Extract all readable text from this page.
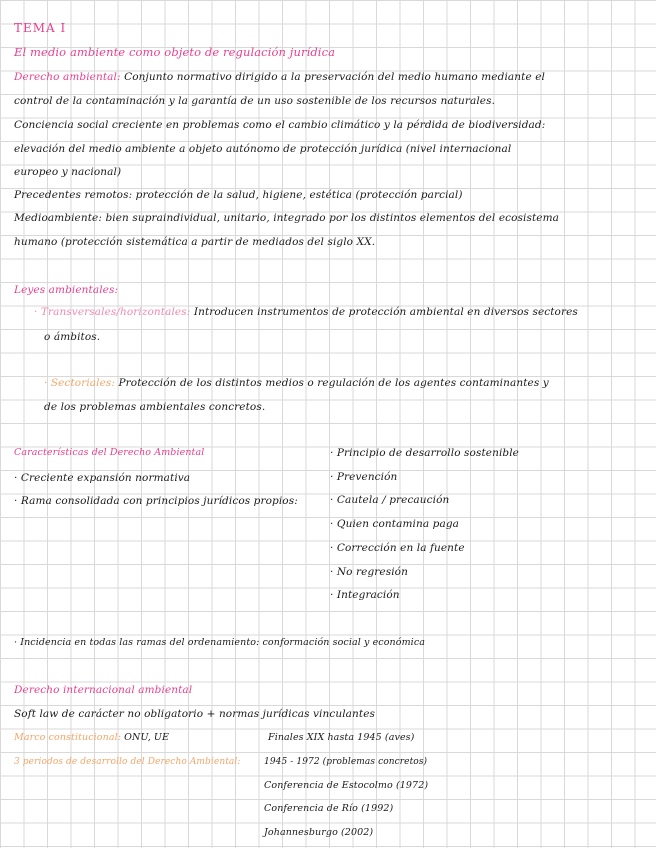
TEMA I
El medio ambiente como objeto de regulación jurídica
Derecho ambiental: Conjunto normativo dirigido a la preservación del medio humano mediante el
control de la contaminación y la garantía de un uso sostenible de los recursos naturales.
Conciencia social creciente en problemas como el cambio climático y la pérdida de biodiversidad:
elevación del medio ambiente a objeto autónomo de protección jurídica (nivel internacional
europeo y nacional)
Precedentes remotos: protección de la salud, higiene, estética (protección parcial)
Medioambiente: bien supraindividual, unitario, integrado por los distintos elementos del ecosistema
humano (protección sistemática a partir de mediados del siglo XX.
Leyes ambientales:
· Transversales/horizontales: Introducen instrumentos de protección ambiental en diversos sectores
o ámbitos.
· Sectoriales: Protección de los distintos medios o regulación de los agentes contaminantes y
de los problemas ambientales concretos.
Características del Derecho Ambiental
· Creciente expansión normativa
· Rama consolidada con principios jurídicos propios:
· Principio de desarrollo sostenible
· Prevención
· Cautela / precaución
· Quien contamina paga
· Corrección en la fuente
· No regresión
· Integración
· Incidencia en todas las ramas del ordenamiento: conformación social y económica
Derecho internacional ambiental
Soft law de carácter no obligatorio + normas jurídicas vinculantes
Marco constitucional: ONU, UE	Finales XIX hasta 1945 (aves)
3 periodos de desarrollo del Derecho Ambiental:	1945 - 1972 (problemas concretos)
Conferencia de Estocolmo (1972)
Conferencia de Río (1992)
Johannesburgo (2002)
